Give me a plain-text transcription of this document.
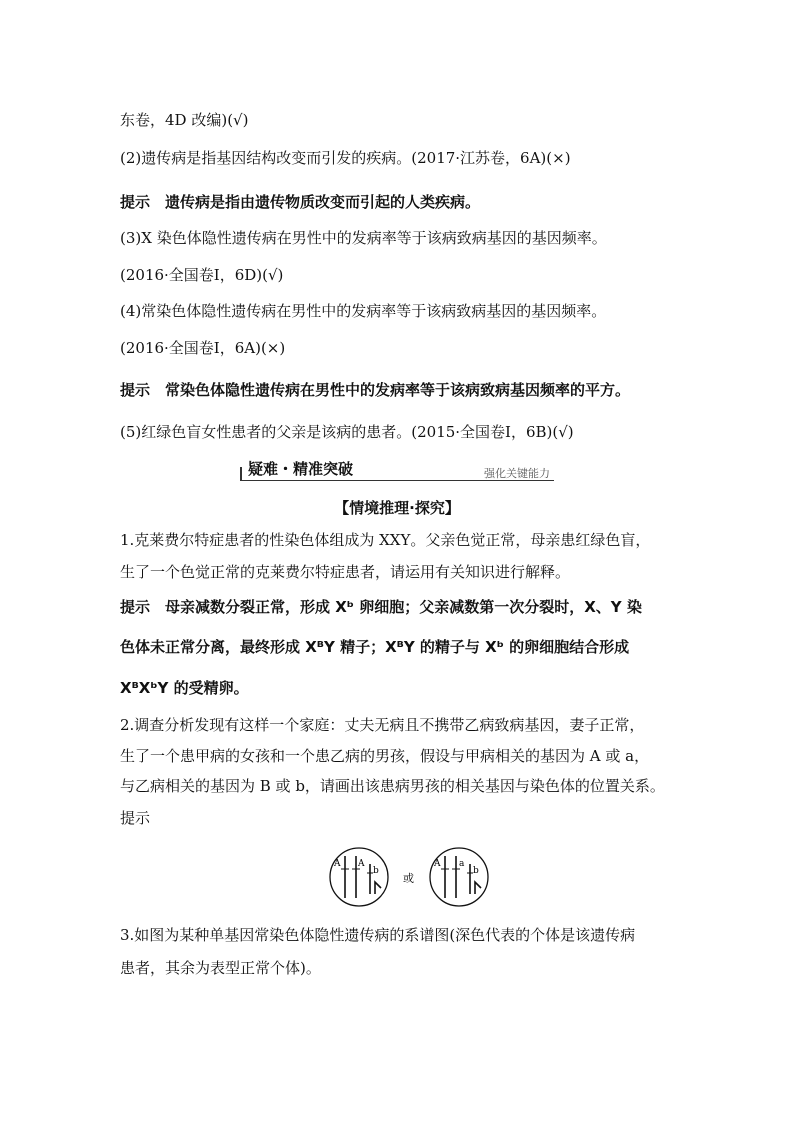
东卷，4D 改编)(√)
(2)遗传病是指基因结构改变而引发的疾病。(2017·江苏卷，6A)(×)
提示　遗传病是指由遗传物质改变而引起的人类疾病。
(3)X 染色体隐性遗传病在男性中的发病率等于该病致病基因的基因频率。
(2016·全国卷Ⅰ，6D)(√)
(4)常染色体隐性遗传病在男性中的发病率等于该病致病基因的基因频率。
(2016·全国卷Ⅰ，6A)(×)
提示　常染色体隐性遗传病在男性中的发病率等于该病致病基因频率的平方。
(5)红绿色盲女性患者的父亲是该病的患者。(2015·全国卷Ⅰ，6B)(√)
疑难・精准突破	强化关键能力
【情境推理·探究】
1.克莱费尔特症患者的性染色体组成为 XXY。父亲色觉正常，母亲患红绿色盲，
生了一个色觉正常的克莱费尔特症患者，请运用有关知识进行解释。
提示　母亲减数分裂正常，形成 Xᵇ 卵细胞；父亲减数第一次分裂时，X、Y 染
色体未正常分离，最终形成 XᴮY 精子；XᴮY 的精子与 Xᵇ 的卵细胞结合形成
XᴮXᵇY 的受精卵。
2.调查分析发现有这样一个家庭：丈夫无病且不携带乙病致病基因，妻子正常，
生了一个患甲病的女孩和一个患乙病的男孩，假设与甲病相关的基因为 A 或 a，
与乙病相关的基因为 B 或 b，请画出该患病男孩的相关基因与染色体的位置关系。
提示
A A
b
或
A a
b
3.如图为某种单基因常染色体隐性遗传病的系谱图(深色代表的个体是该遗传病
患者，其余为表型正常个体)。
